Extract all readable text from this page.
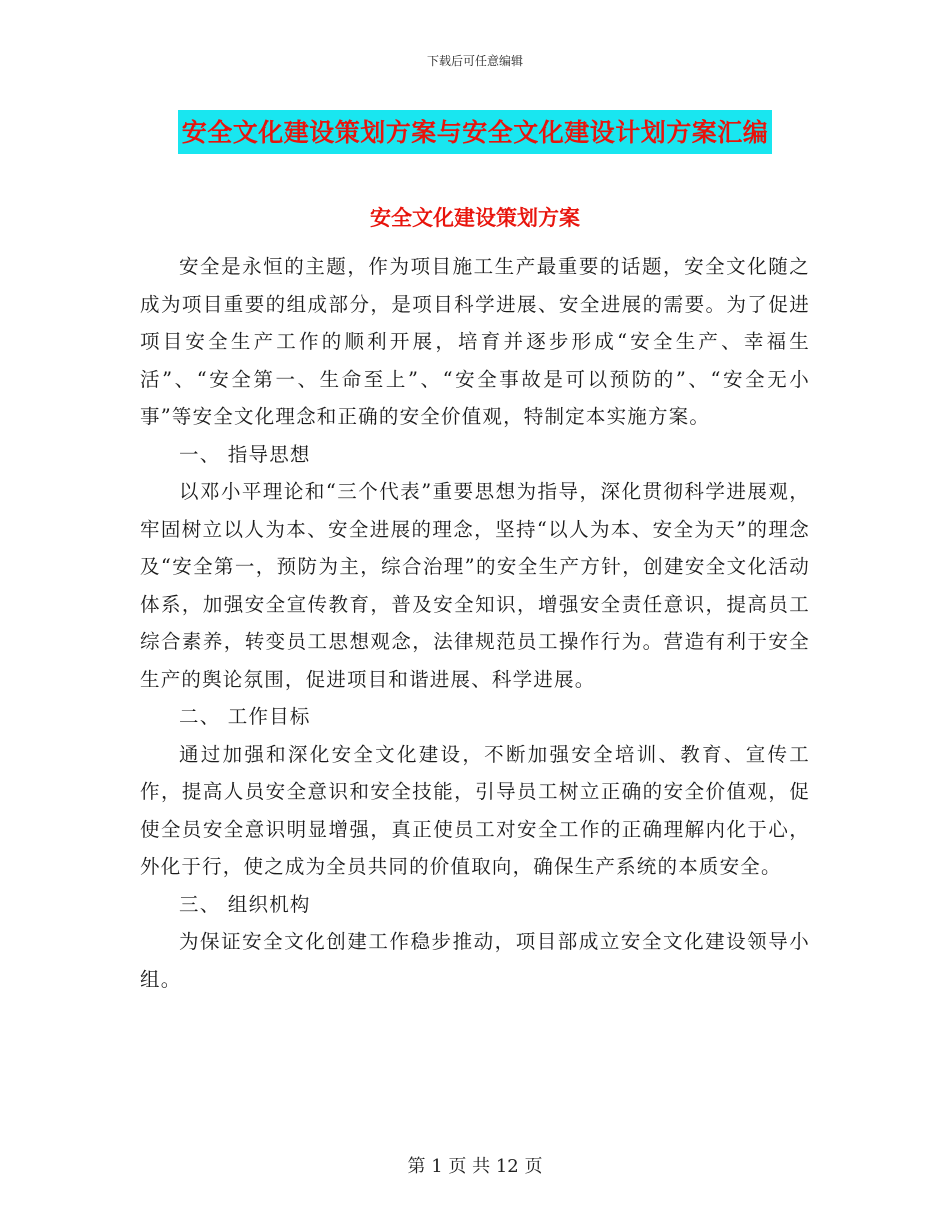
下载后可任意编辑
安全文化建设策划方案与安全文化建设计划方案汇编
安全文化建设策划方案

安全是永恒的主题，作为项目施工生产最重要的话题，安全文化随之成为项目重要的组成部分，是项目科学进展、安全进展的需要。为了促进项目安全生产工作的顺利开展，培育并逐步形成“安全生产、幸福生活”、“安全第一、生命至上”、“安全事故是可以预防的”、“安全无小事”等安全文化理念和正确的安全价值观，特制定本实施方案。

一、 指导思想

以邓小平理论和“三个代表”重要思想为指导，深化贯彻科学进展观，牢固树立以人为本、安全进展的理念，坚持“以人为本、安全为天”的理念及“安全第一，预防为主，综合治理”的安全生产方针，创建安全文化活动体系，加强安全宣传教育，普及安全知识，增强安全责任意识，提高员工综合素养，转变员工思想观念，法律规范员工操作行为。营造有利于安全生产的舆论氛围，促进项目和谐进展、科学进展。

二、 工作目标

通过加强和深化安全文化建设，不断加强安全培训、教育、宣传工作，提高人员安全意识和安全技能，引导员工树立正确的安全价值观，促使全员安全意识明显增强，真正使员工对安全工作的正确理解内化于心，外化于行，使之成为全员共同的价值取向，确保生产系统的本质安全。

三、 组织机构

为保证安全文化创建工作稳步推动，项目部成立安全文化建设领导小组。

第 1 页 共 12 页
